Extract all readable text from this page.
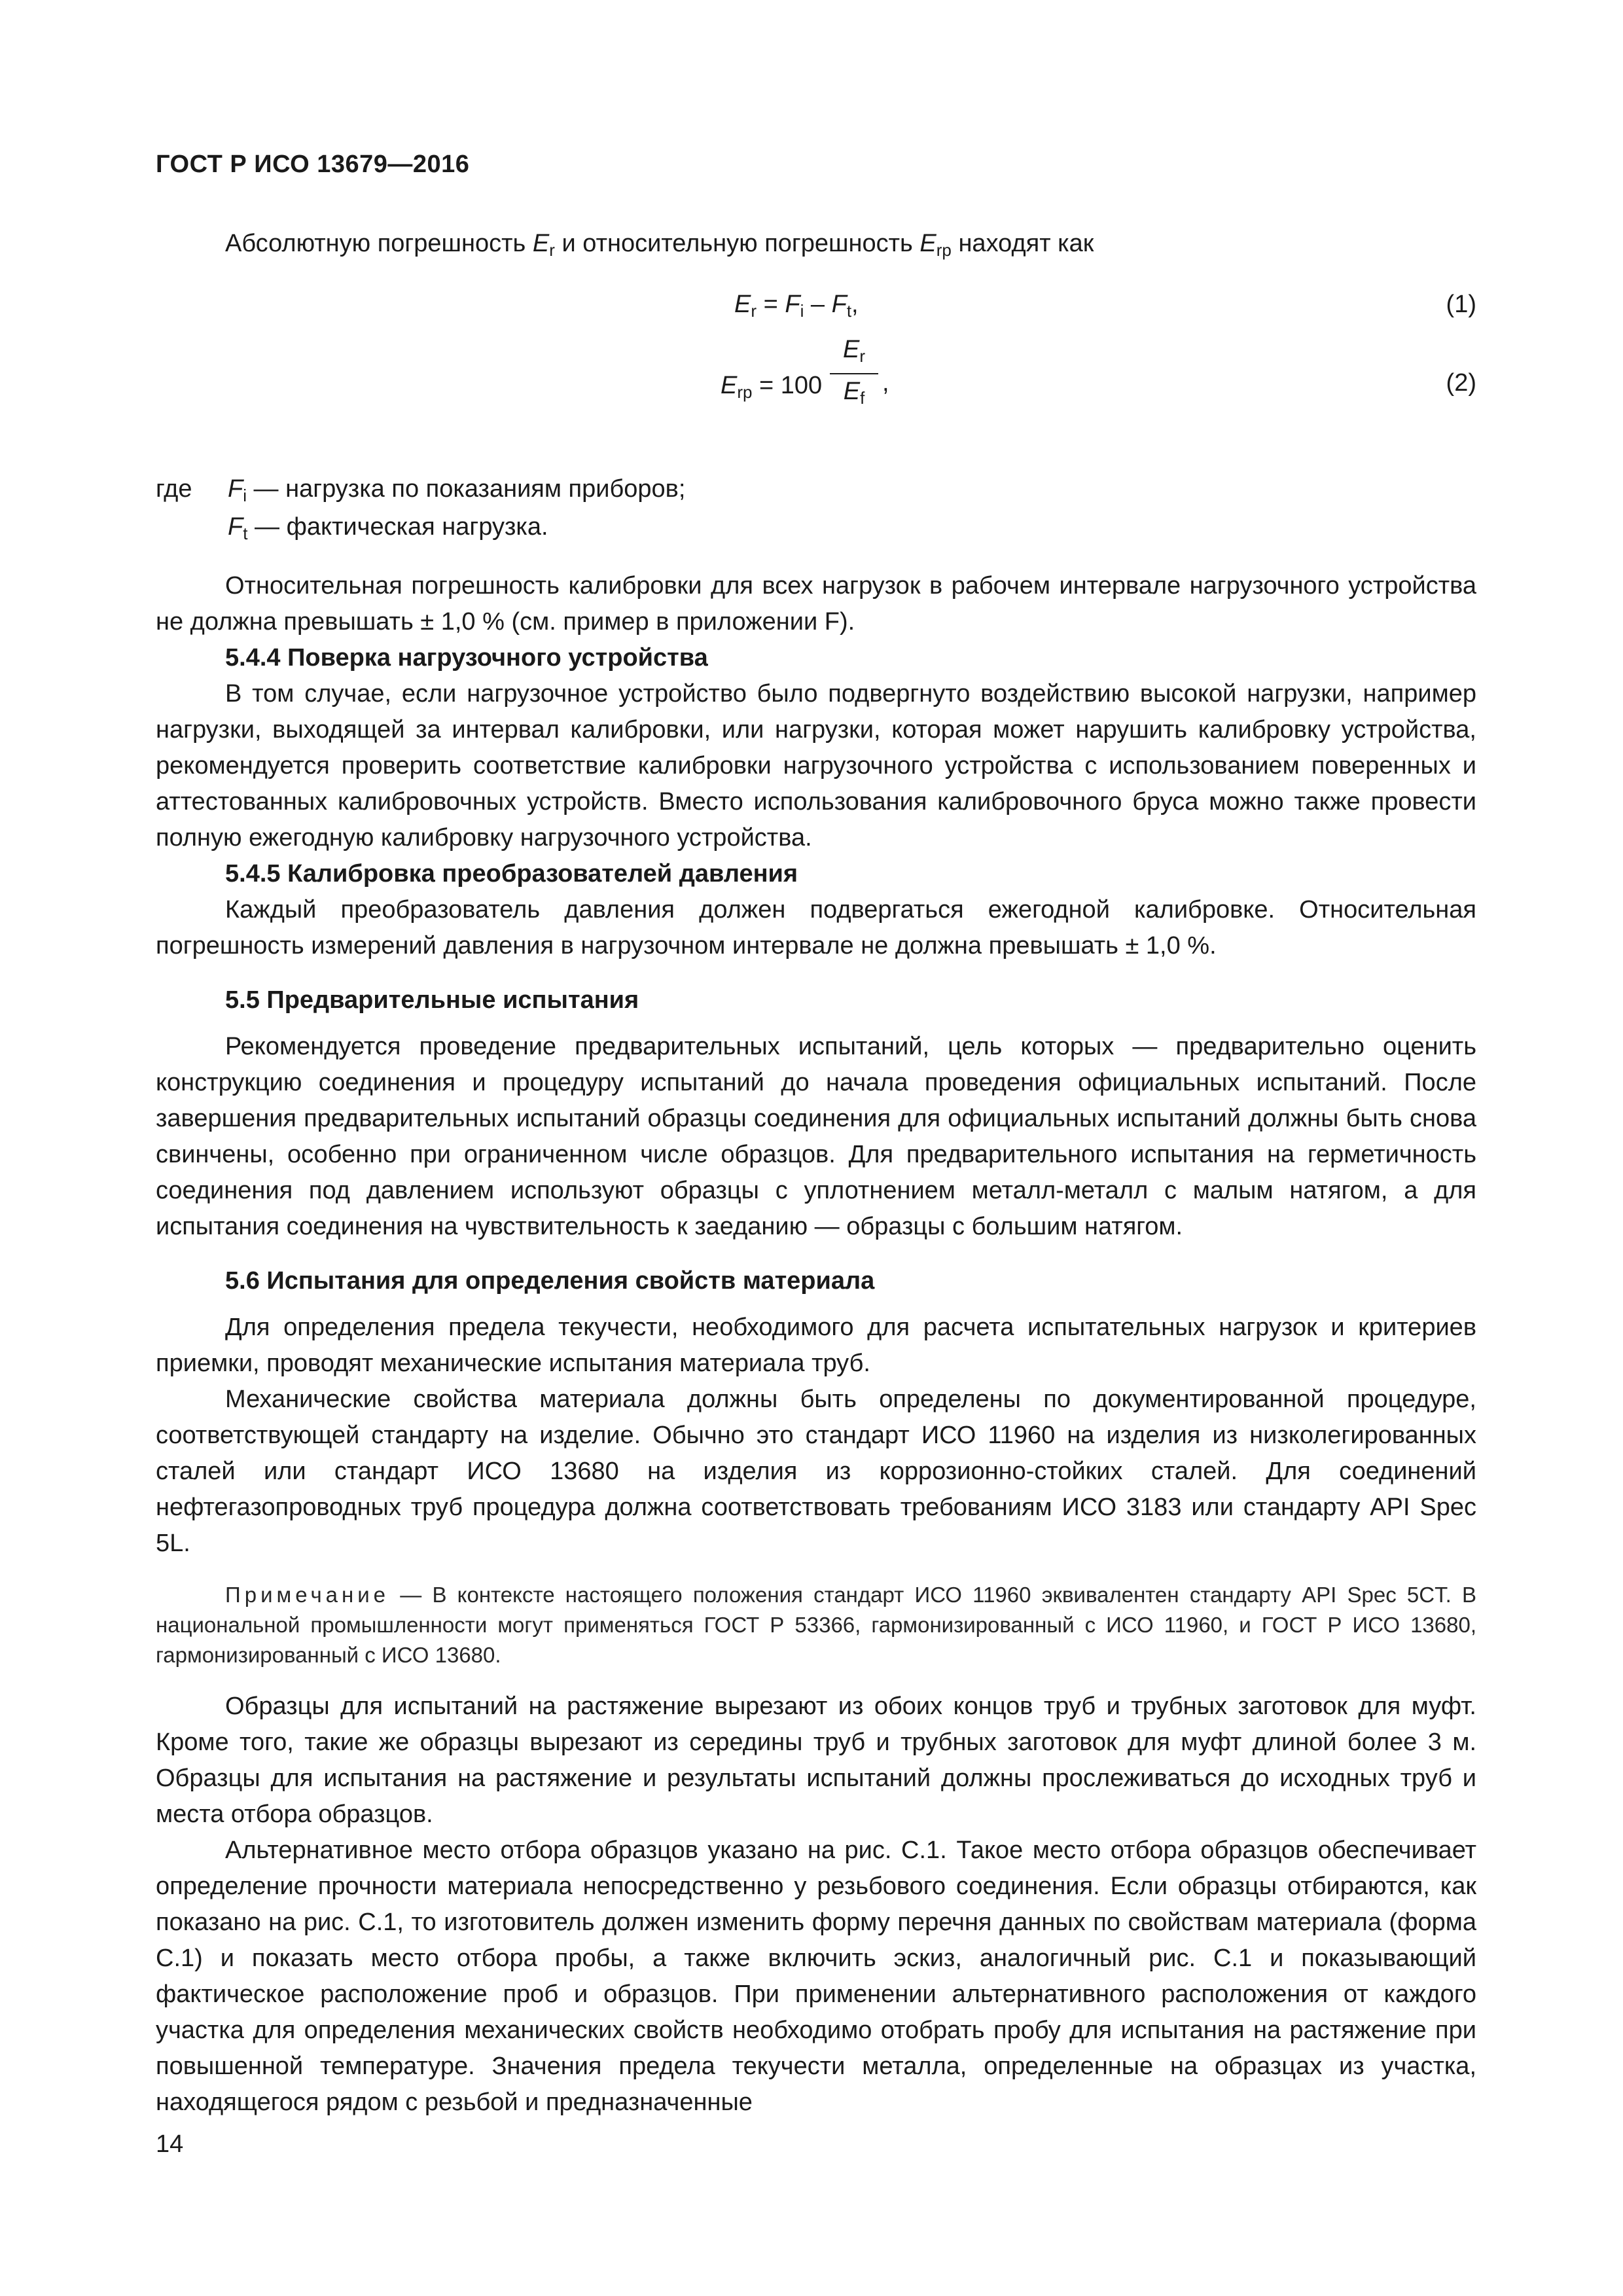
ГОСТ Р ИСО 13679—2016

Абсолютную погрешность $E_r$ и относительную погрешность $E_{rp}$ находят как

$E_r = F_i - F_t$,	(1)
$E_{rp} = 100$
$E_r$
$E_f$
,	(2)
где $F_i$ — нагрузка по показаниям приборов;
$F_t$ — фактическая нагрузка.

Относительная погрешность калибровки для всех нагрузок в рабочем интервале нагрузочного устройства не должна превышать ± 1,0 % (см. пример в приложении F).

5.4.4 Поверка нагрузочного устройства

В том случае, если нагрузочное устройство было подвергнуто воздействию высокой нагрузки, например нагрузки, выходящей за интервал калибровки, или нагрузки, которая может нарушить калибровку устройства, рекомендуется проверить соответствие калибровки нагрузочного устройства с использованием поверенных и аттестованных калибровочных устройств. Вместо использования калибровочного бруса можно также провести полную ежегодную калибровку нагрузочного устройства.

5.4.5 Калибровка преобразователей давления

Каждый преобразователь давления должен подвергаться ежегодной калибровке. Относительная погрешность измерений давления в нагрузочном интервале не должна превышать ± 1,0 %.

5.5 Предварительные испытания

Рекомендуется проведение предварительных испытаний, цель которых — предварительно оценить конструкцию соединения и процедуру испытаний до начала проведения официальных испытаний. После завершения предварительных испытаний образцы соединения для официальных испытаний должны быть снова свинчены, особенно при ограниченном числе образцов. Для предварительного испытания на герметичность соединения под давлением используют образцы с уплотнением металл-металл с малым натягом, а для испытания соединения на чувствительность к заеданию — образцы с большим натягом.

5.6 Испытания для определения свойств материала

Для определения предела текучести, необходимого для расчета испытательных нагрузок и критериев приемки, проводят механические испытания материала труб.

Механические свойства материала должны быть определены по документированной процедуре, соответствующей стандарту на изделие. Обычно это стандарт ИСО 11960 на изделия из низколегированных сталей или стандарт ИСО 13680 на изделия из коррозионно-стойких сталей. Для соединений нефтегазопроводных труб процедура должна соответствовать требованиям ИСО 3183 или стандарту API Spec 5L.

Примечание — В контексте настоящего положения стандарт ИСО 11960 эквивалентен стандарту API Spec 5CT. В национальной промышленности могут применяться ГОСТ Р 53366, гармонизированный с ИСО 11960, и ГОСТ Р ИСО 13680, гармонизированный с ИСО 13680.

Образцы для испытаний на растяжение вырезают из обоих концов труб и трубных заготовок для муфт. Кроме того, такие же образцы вырезают из середины труб и трубных заготовок для муфт длиной более 3 м. Образцы для испытания на растяжение и результаты испытаний должны прослеживаться до исходных труб и места отбора образцов.

Альтернативное место отбора образцов указано на рис. С.1. Такое место отбора образцов обеспечивает определение прочности материала непосредственно у резьбового соединения. Если образцы отбираются, как показано на рис. С.1, то изготовитель должен изменить форму перечня данных по свойствам материала (форма С.1) и показать место отбора пробы, а также включить эскиз, аналогичный рис. С.1 и показывающий фактическое расположение проб и образцов. При применении альтернативного расположения от каждого участка для определения механических свойств необходимо отобрать пробу для испытания на растяжение при повышенной температуре. Значения предела текучести металла, определенные на образцах из участка, находящегося рядом с резьбой и предназначенные

14
